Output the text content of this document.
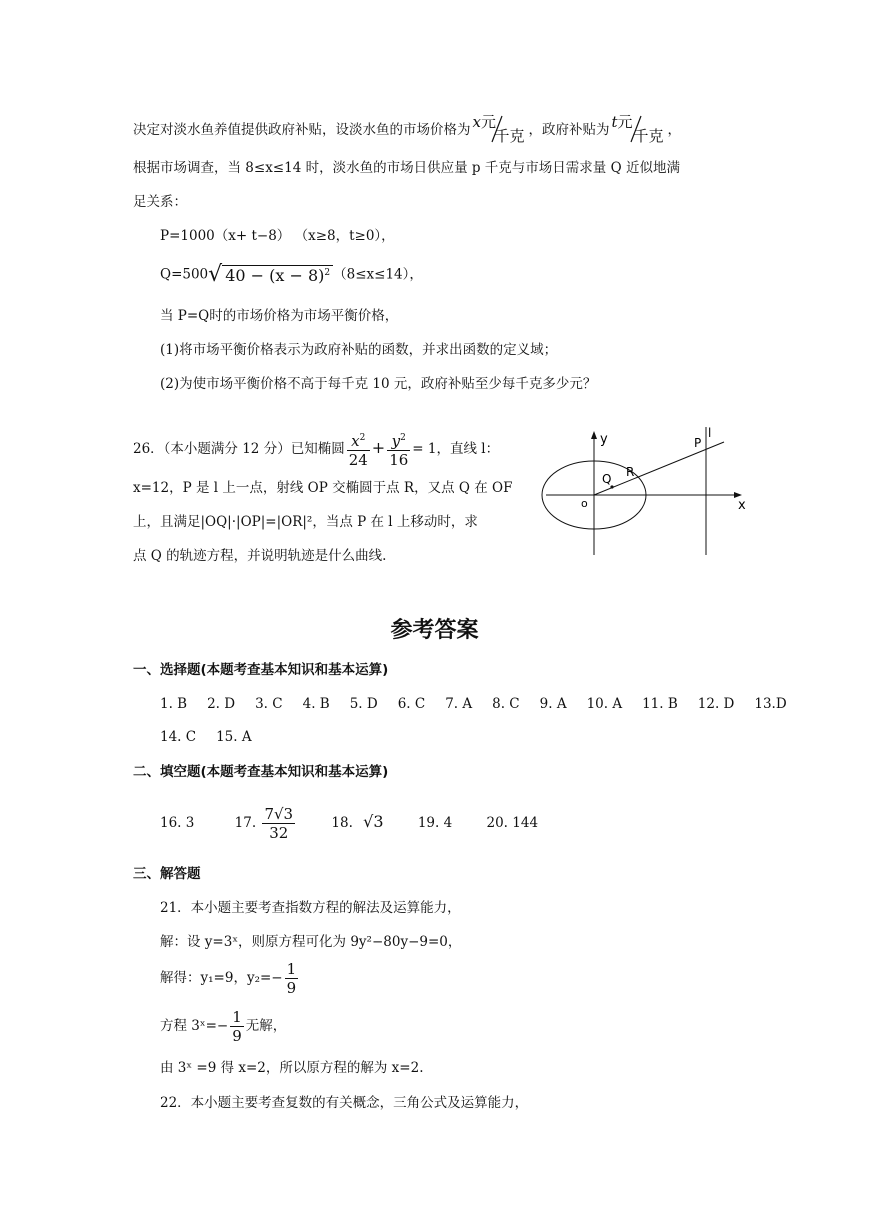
决定对淡水鱼养值提供政府补贴，设淡水鱼的市场价格为 x元
千克 ，政府补贴为 t元
千克 ，
根据市场调查，当 8≤x≤14 时，淡水鱼的市场日供应量 p 千克与市场日需求量 Q 近似地满
足关系：
P=1000（x+ t−8） （x≥8，t≥0），
Q=500√ $40 - (x - 8)^2$ （8≤x≤14），
当 P=Q时的市场价格为市场平衡价格，
(1)将市场平衡价格表示为政府补贴的函数，并求出函数的定义域；
(2)为使市场平衡价格不高于每千克 10 元，政府补贴至少每千克多少元？
26．（本小题满分 12 分）已知椭圆 $\frac{x^2}{24} + \frac{y^2}{16} = 1$，直线 l：
x=12，P 是 l 上一点，射线 OP 交椭圆于点 R，又点 Q 在 OF
上，且满足|OQ|·|OP|=|OR|²，当点 P 在 l 上移动时，求
点 Q 的轨迹方程，并说明轨迹是什么曲线.
y
x
o
P
l
R
Q
参考答案
一、选择题(本题考查基本知识和基本运算)
1. B 2. D 3. C 4. B 5. D 6. C 7. A 8. C 9. A 10. A 11. B 12. D 13.D
14. C 15. A
二、填空题(本题考查基本知识和基本运算)
16. 3	17. $\frac{7√3}{32}$	18. √3	19. 4	20. 144
三、解答题
21．本小题主要考查指数方程的解法及运算能力，
解：设 y=3ˣ，则原方程可化为 9y²−80y−9=0，
解得：y₁=9，$y_2=- \frac{1}{9}$
方程 3ˣ=− $\frac{1}{9}$ 无解，
由 3ˣ =9 得 x=2，所以原方程的解为 x=2.
22．本小题主要考查复数的有关概念，三角公式及运算能力，
